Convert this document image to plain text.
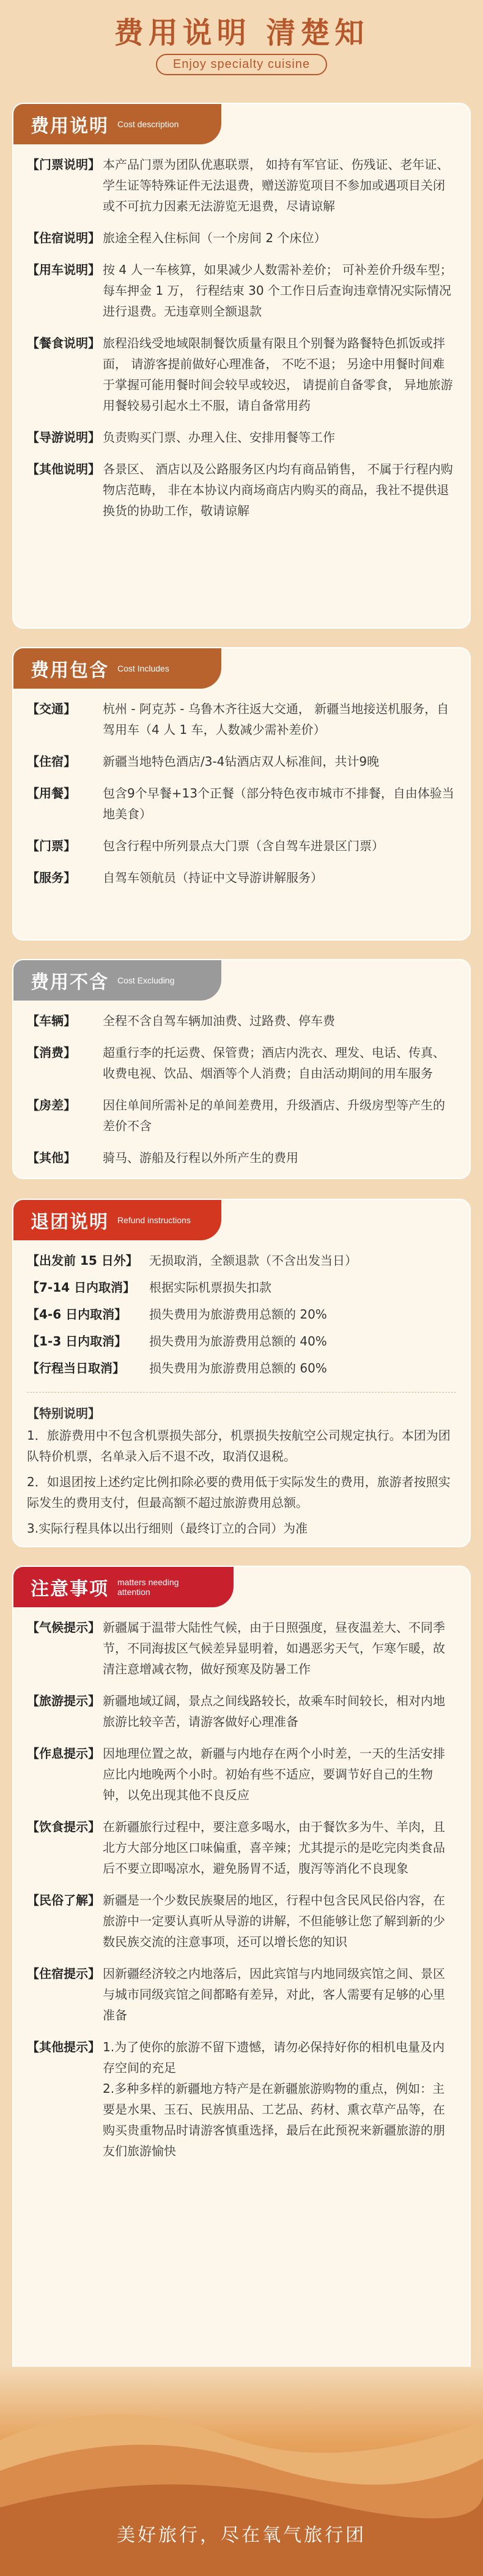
费用说明 清楚知
Enjoy specialty cuisine
费用说明 Cost description
【门票说明】 本产品门票为团队优惠联票， 如持有军官证、伤残证、老年证、学生证等特殊证件无法退费，赠送游览项目不参加或遇项目关闭或不可抗力因素无法游览无退费，尽请谅解
【住宿说明】 旅途全程入住标间（一个房间 2 个床位）
【用车说明】 按 4 人一车核算，如果减少人数需补差价； 可补差价升级车型； 每车押金 1 万， 行程结束 30 个工作日后查询违章情况实际情况进行退费。无违章则全额退款
【餐食说明】 旅程沿线受地域限制餐饮质量有限且个别餐为路餐特色抓饭或拌面， 请游客提前做好心理准备， 不吃不退； 另途中用餐时间难于掌握可能用餐时间会较早或较迟， 请提前自备零食， 异地旅游用餐较易引起水土不服，请自备常用药
【导游说明】 负责购买门票、办理入住、安排用餐等工作
【其他说明】 各景区、 酒店以及公路服务区内均有商品销售， 不属于行程内购物店范畴， 非在本协议内商场商店内购买的商品，我社不提供退换货的协助工作，敬请谅解
费用包含 Cost Includes
【交通】	杭州 - 阿克苏 - 乌鲁木齐往返大交通， 新疆当地接送机服务，自驾用车（4 人 1 车，人数减少需补差价）
【住宿】	新疆当地特色酒店/3-4钻酒店双人标准间，共计9晚
【用餐】	包含9个早餐+13个正餐（部分特色夜市城市不排餐，自由体验当地美食）
【门票】	包含行程中所列景点大门票（含自驾车进景区门票）
【服务】	自驾车领航员（持证中文导游讲解服务）
费用不含 Cost Excluding
【车辆】	全程不含自驾车辆加油费、过路费、停车费
【消费】	超重行李的托运费、保管费；酒店内洗衣、理发、电话、传真、收费电视、饮品、烟酒等个人消费；自由活动期间的用车服务
【房差】	因住单间所需补足的单间差费用，升级酒店、升级房型等产生的差价不含
【其他】	骑马、游船及行程以外所产生的费用
退团说明 Refund instructions
【出发前 15 日外】 无损取消，全额退款（不含出发当日）
【7-14 日内取消】	根据实际机票损失扣款
【4-6 日内取消】	损失费用为旅游费用总额的 20%
【1-3 日内取消】	损失费用为旅游费用总额的 40%
【行程当日取消】	损失费用为旅游费用总额的 60%
【特别说明】
1．旅游费用中不包含机票损失部分，机票损失按航空公司规定执行。本团为团队特价机票，名单录入后不退不改，取消仅退税。
2．如退团按上述约定比例扣除必要的费用低于实际发生的费用，旅游者按照实际发生的费用支付，但最高额不超过旅游费用总额。
3.实际行程具体以出行细则（最终订立的合同）为准
注意事项 matters needing attention
【气候提示】 新疆属于温带大陆性气候，由于日照强度，昼夜温差大、不同季节，不同海拔区气候差异显明着，如遇恶劣天气，乍寒乍暖，故清注意增减衣物，做好预寒及防暑工作
【旅游提示】 新疆地域辽阔，景点之间线路较长，故乘车时间较长，相对内地旅游比较辛苦，请游客做好心理准备
【作息提示】 因地理位置之故，新疆与内地存在两个小时差，一天的生活安排应比内地晚两个小时。初始有些不适应，要调节好自己的生物钟，以免出现其他不良反应
【饮食提示】 在新疆旅行过程中，要注意多喝水，由于餐饮多为牛、羊肉，且北方大部分地区口味偏重，喜辛辣；尤其提示的是吃完肉类食品后不要立即喝凉水，避免肠胃不适，腹泻等消化不良现象
【民俗了解】 新疆是一个少数民族聚居的地区，行程中包含民风民俗内容，在旅游中一定要认真听从导游的讲解，不但能够让您了解到新的少数民族交流的注意事项，还可以增长您的知识
【住宿提示】 因新疆经济较之内地落后，因此宾馆与内地同级宾馆之间、景区与城市同级宾馆之间都略有差异，对此，客人需要有足够的心里准备
【其他提示】 1.为了使你的旅游不留下遗憾，请勿必保持好你的相机电量及内存空间的充足
2.多种多样的新疆地方特产是在新疆旅游购物的重点，例如：主要是水果、玉石、民族用品、工艺品、药材、熏衣草产品等，在购买贵重物品时请游客慎重选择，最后在此预祝来新疆旅游的朋友们旅游愉快
美好旅行，尽在氧气旅行团
